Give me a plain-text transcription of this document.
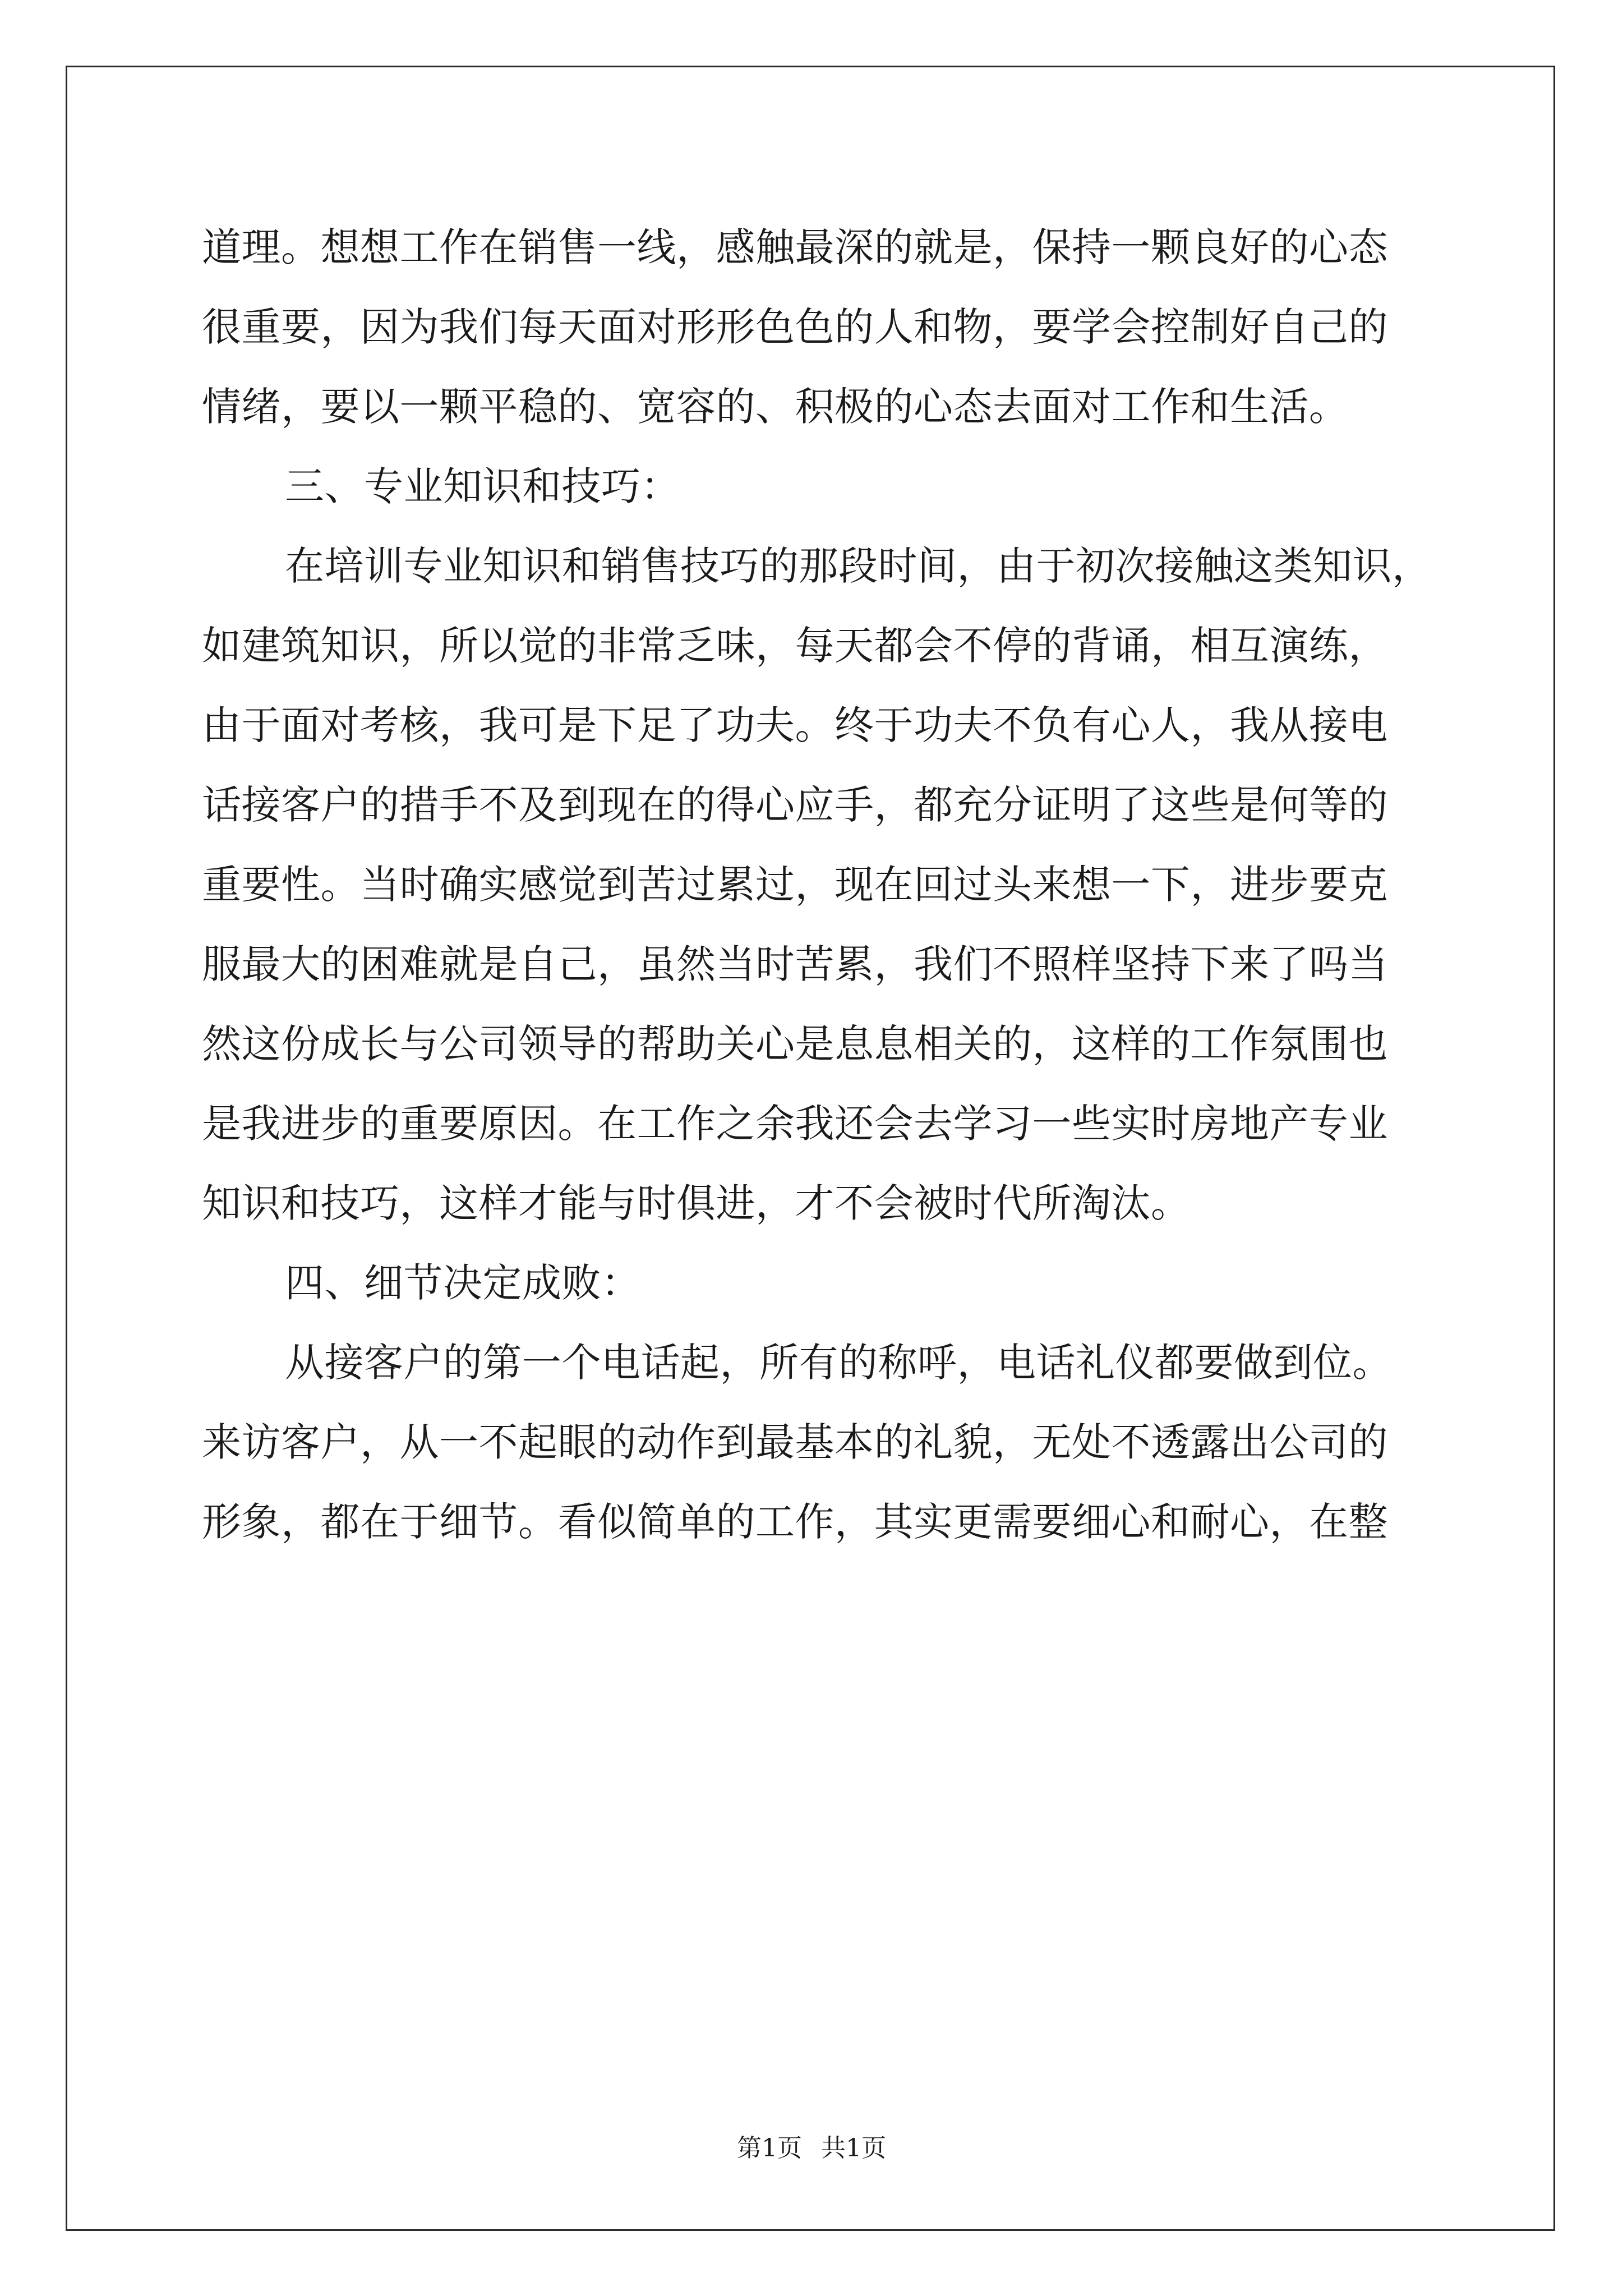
道理。想想工作在销售一线，感触最深的就是，保持一颗良好的心态
很重要，因为我们每天面对形形色色的人和物，要学会控制好自己的
情绪，要以一颗平稳的、宽容的、积极的心态去面对工作和生活。
三、专业知识和技巧：
在培训专业知识和销售技巧的那段时间，由于初次接触这类知识，
如建筑知识，所以觉的非常乏味，每天都会不停的背诵，相互演练，
由于面对考核，我可是下足了功夫。终于功夫不负有心人，我从接电
话接客户的措手不及到现在的得心应手，都充分证明了这些是何等的
重要性。当时确实感觉到苦过累过，现在回过头来想一下，进步要克
服最大的困难就是自己，虽然当时苦累，我们不照样坚持下来了吗当
然这份成长与公司领导的帮助关心是息息相关的，这样的工作氛围也
是我进步的重要原因。在工作之余我还会去学习一些实时房地产专业
知识和技巧，这样才能与时俱进，才不会被时代所淘汰。
四、细节决定成败：
从接客户的第一个电话起，所有的称呼，电话礼仪都要做到位。
来访客户，从一不起眼的动作到最基本的礼貌，无处不透露出公司的
形象，都在于细节。看似简单的工作，其实更需要细心和耐心，在整
第1页 共1页
